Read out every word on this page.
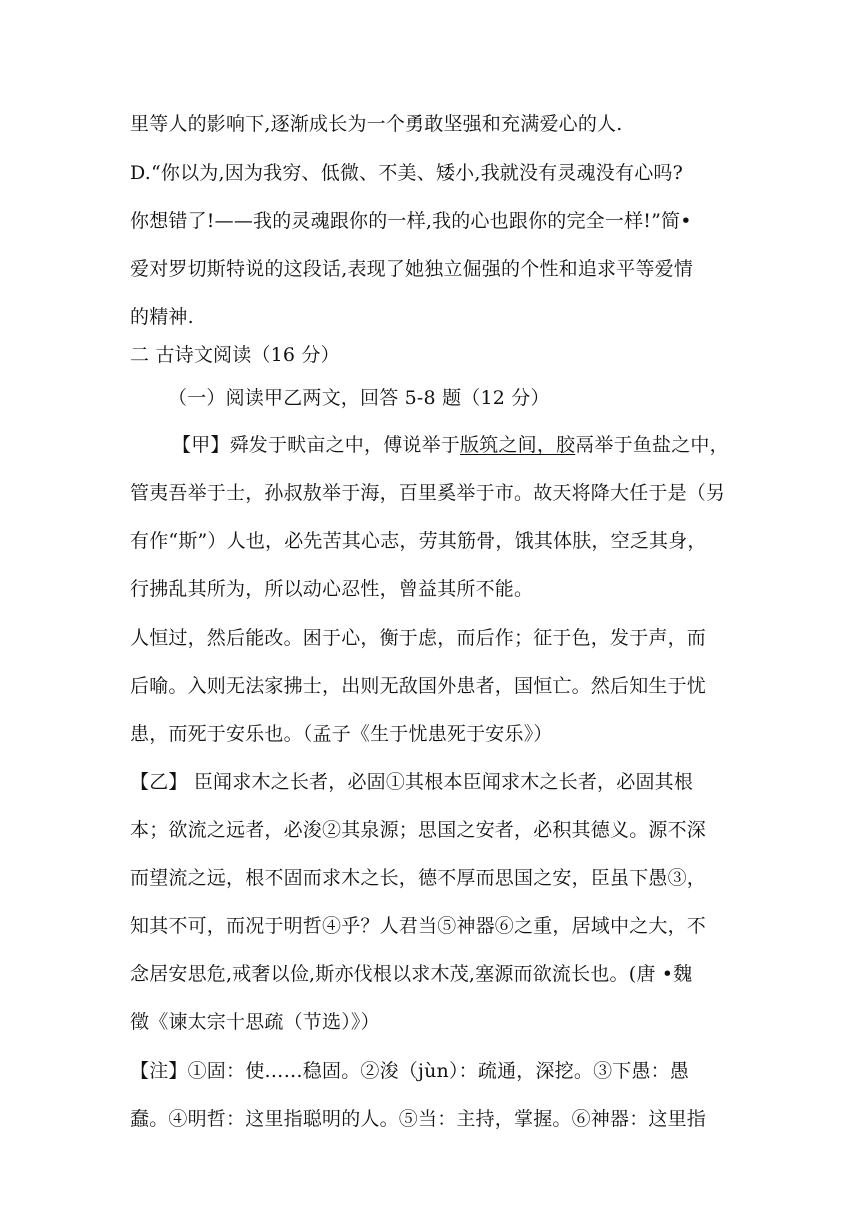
里等人的影响下,逐渐成长为一个勇敢坚强和充满爱心的人.
D.“你以为,因为我穷、低微、不美、矮小,我就没有灵魂没有心吗?
你想错了!——我的灵魂跟你的一样,我的心也跟你的完全一样!”简•
爱对罗切斯特说的这段话,表现了她独立倔强的个性和追求平等爱情
的精神.
二 古诗文阅读（16 分）
（一）阅读甲乙两文，回答 5-8 题（12 分）
【甲】舜发于畎亩之中，傅说举于版筑之间，胶鬲举于鱼盐之中，
管夷吾举于士，孙叔敖举于海，百里奚举于市。故天将降大任于是（另
有作“斯”）人也，必先苦其心志，劳其筋骨，饿其体肤，空乏其身，
行拂乱其所为，所以动心忍性，曾益其所不能。
人恒过，然后能改。困于心，衡于虑，而后作；征于色，发于声，而
后喻。入则无法家拂士，出则无敌国外患者，国恒亡。然后知生于忧
患，而死于安乐也。（孟子《生于忧患死于安乐》）
【乙】 臣闻求木之长者，必固①其根本臣闻求木之长者，必固其根
本；欲流之远者，必浚②其泉源；思国之安者，必积其德义。源不深
而望流之远，根不固而求木之长，德不厚而思国之安，臣虽下愚③，
知其不可，而况于明哲④乎？人君当⑤神器⑥之重，居域中之大，不
念居安思危,戒奢以俭,斯亦伐根以求木茂,塞源而欲流长也。(唐 •魏
徵《谏太宗十思疏（节选）》）
【注】①固：使……稳固。②浚（jùn）：疏通，深挖。③下愚：愚
蠢。④明哲：这里指聪明的人。⑤当：主持，掌握。⑥神器：这里指
